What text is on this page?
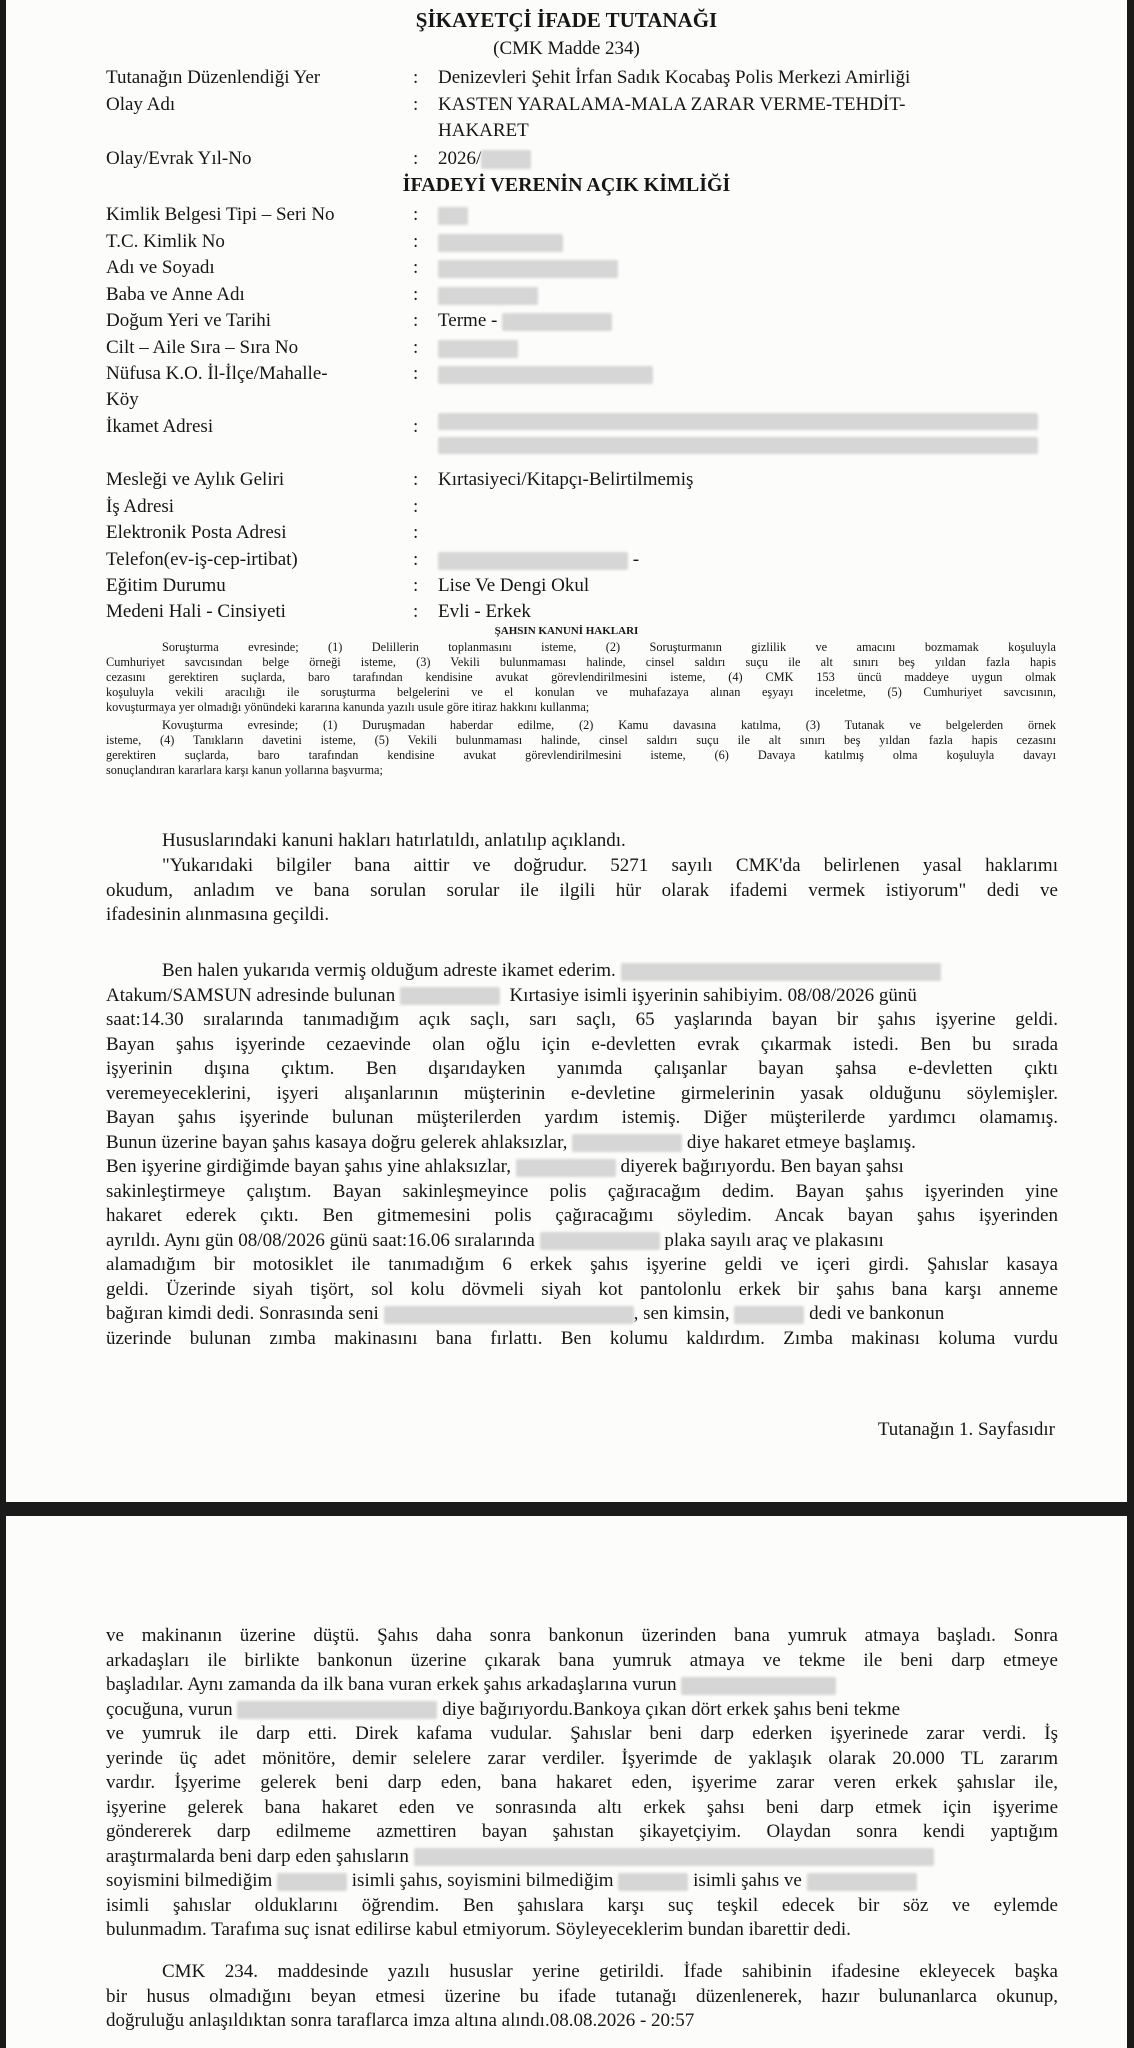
ŞİKAYETÇİ İFADE TUTANAĞI
(CMK Madde 234)
Tutanağın Düzenlendiği Yer	: Denizevleri Şehit İrfan Sadık Kocabaş Polis Merkezi Amirliği
Olay Adı	: KASTEN YARALAMA-MALA ZARAR VERME-TEHDİT-
HAKARET
Olay/Evrak Yıl-No	: 2026/
İFADEYİ VERENİN AÇIK KİMLİĞİ
Kimlik Belgesi Tipi – Seri No	:
T.C. Kimlik No	:
Adı ve Soyadı	:
Baba ve Anne Adı	:
Doğum Yeri ve Tarihi	: Terme -
Cilt – Aile Sıra – Sıra No	:
Nüfusa K.O. İl-İlçe/Mahalle-	:
Köy
İkamet Adresi	:

Mesleği ve Aylık Geliri	: Kırtasiyeci/Kitapçı-Belirtilmemiş
İş Adresi	:
Elektronik Posta Adresi	:
Telefon(ev-iş-cep-irtibat)	:	-
Eğitim Durumu	: Lise Ve Dengi Okul
Medeni Hali - Cinsiyeti	: Evli - Erkek
ŞAHSIN KANUNİ HAKLARI
Soruşturma evresinde; (1) Delillerin toplanmasını isteme, (2) Soruşturmanın gizlilik ve amacını bozmamak koşuluyla
Cumhuriyet savcısından belge örneği isteme, (3) Vekili bulunmaması halinde, cinsel saldırı suçu ile alt sınırı beş yıldan fazla hapis
cezasını gerektiren suçlarda, baro tarafından kendisine avukat görevlendirilmesini isteme, (4) CMK 153 üncü maddeye uygun olmak
koşuluyla vekili aracılığı ile soruşturma belgelerini ve el konulan ve muhafazaya alınan eşyayı inceletme, (5) Cumhuriyet savcısının,
kovuşturmaya yer olmadığı yönündeki kararına kanunda yazılı usule göre itiraz hakkını kullanma;
Kovuşturma evresinde; (1) Duruşmadan haberdar edilme, (2) Kamu davasına katılma, (3) Tutanak ve belgelerden örnek
isteme, (4) Tanıkların davetini isteme, (5) Vekili bulunmaması halinde, cinsel saldırı suçu ile alt sınırı beş yıldan fazla hapis cezasını
gerektiren suçlarda, baro tarafından kendisine avukat görevlendirilmesini isteme, (6) Davaya katılmış olma koşuluyla davayı
sonuçlandıran kararlara karşı kanun yollarına başvurma;
Hususlarındaki kanuni hakları hatırlatıldı, anlatılıp açıklandı.
"Yukarıdaki bilgiler bana aittir ve doğrudur. 5271 sayılı CMK'da belirlenen yasal haklarımı
okudum, anladım ve bana sorulan sorular ile ilgili hür olarak ifademi vermek istiyorum" dedi ve
ifadesinin alınmasına geçildi.
Ben halen yukarıda vermiş olduğum adreste ikamet ederim.
Atakum/SAMSUN adresinde bulunan	Kırtasiye isimli işyerinin sahibiyim. 08/08/2026 günü
saat:14.30 sıralarında tanımadığım açık saçlı, sarı saçlı, 65 yaşlarında bayan bir şahıs işyerine geldi.
Bayan şahıs işyerinde cezaevinde olan oğlu için e-devletten evrak çıkarmak istedi. Ben bu sırada
işyerinin dışına çıktım. Ben dışarıdayken yanımda çalışanlar bayan şahsa e-devletten çıktı
veremeyeceklerini, işyeri alışanlarının müşterinin e-devletine girmelerinin yasak olduğunu söylemişler.
Bayan şahıs işyerinde bulunan müşterilerden yardım istemiş. Diğer müşterilerde yardımcı olamamış.
Bunun üzerine bayan şahıs kasaya doğru gelerek ahlaksızlar,	diye hakaret etmeye başlamış.
Ben işyerine girdiğimde bayan şahıs yine ahlaksızlar,	diyerek bağırıyordu. Ben bayan şahsı
sakinleştirmeye çalıştım. Bayan sakinleşmeyince polis çağıracağım dedim. Bayan şahıs işyerinden yine
hakaret ederek çıktı. Ben gitmemesini polis çağıracağımı söyledim. Ancak bayan şahıs işyerinden
ayrıldı. Aynı gün 08/08/2026 günü saat:16.06 sıralarında	plaka sayılı araç ve plakasını
alamadığım bir motosiklet ile tanımadığım 6 erkek şahıs işyerine geldi ve içeri girdi. Şahıslar kasaya
geldi. Üzerinde siyah tişört, sol kolu dövmeli siyah kot pantolonlu erkek bir şahıs bana karşı anneme
bağıran kimdi dedi. Sonrasında seni	, sen kimsin,	dedi ve bankonun
üzerinde bulunan zımba makinasını bana fırlattı. Ben kolumu kaldırdım. Zımba makinası koluma vurdu
Tutanağın 1. Sayfasıdır
ve makinanın üzerine düştü. Şahıs daha sonra bankonun üzerinden bana yumruk atmaya başladı. Sonra
arkadaşları ile birlikte bankonun üzerine çıkarak bana yumruk atmaya ve tekme ile beni darp etmeye
başladılar. Aynı zamanda da ilk bana vuran erkek şahıs arkadaşlarına vurun
çocuğuna, vurun	diye bağırıyordu.Bankoya çıkan dört erkek şahıs beni tekme
ve yumruk ile darp etti. Direk kafama vudular. Şahıslar beni darp ederken işyerinede zarar verdi. İş
yerinde üç adet mönitöre, demir selelere zarar verdiler. İşyerimde de yaklaşık olarak 20.000 TL zararım
vardır. İşyerime gelerek beni darp eden, bana hakaret eden, işyerime zarar veren erkek şahıslar ile,
işyerine gelerek bana hakaret eden ve sonrasında altı erkek şahsı beni darp etmek için işyerime
göndererek darp edilmeme azmettiren bayan şahıstan şikayetçiyim. Olaydan sonra kendi yaptığım
araştırmalarda beni darp eden şahısların
soyismini bilmediğim	isimli şahıs, soyismini bilmediğim	isimli şahıs ve
isimli şahıslar olduklarını öğrendim. Ben şahıslara karşı suç teşkil edecek bir söz ve eylemde
bulunmadım. Tarafıma suç isnat edilirse kabul etmiyorum. Söyleyeceklerim bundan ibarettir dedi.
CMK 234. maddesinde yazılı hususlar yerine getirildi. İfade sahibinin ifadesine ekleyecek başka
bir husus olmadığını beyan etmesi üzerine bu ifade tutanağı düzenlenerek, hazır bulunanlarca okunup,
doğruluğu anlaşıldıktan sonra taraflarca imza altına alındı.08.08.2026 - 20:57
